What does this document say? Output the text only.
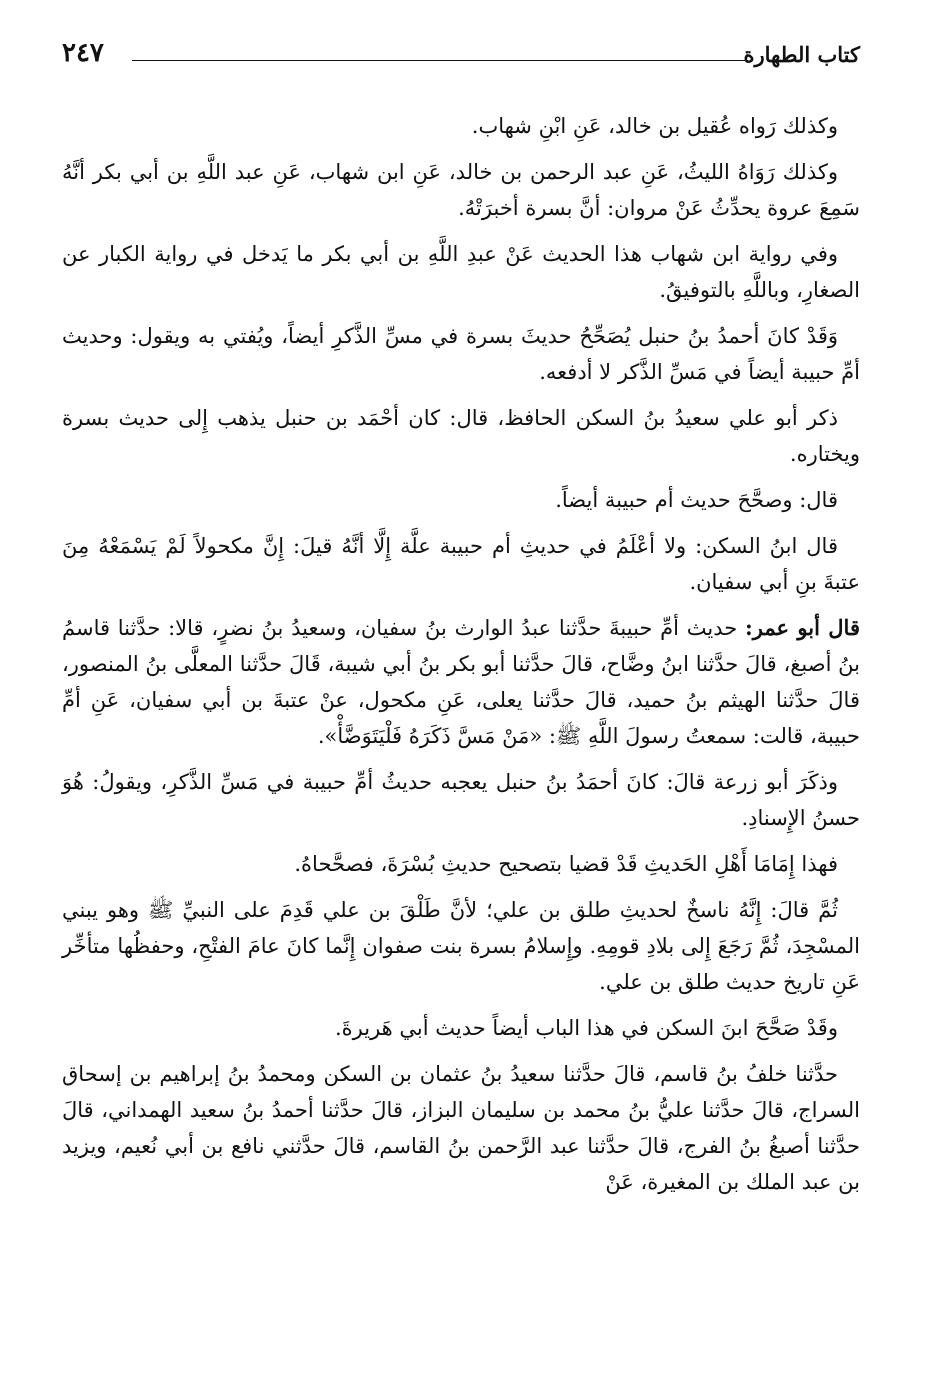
كتاب الطهارة
٢٤٧

وكذلك رَواه عُقيل بن خالد، عَنِ ابْنِ شهاب.

وكذلك رَوَاهُ الليثُ، عَنِ عبد الرحمن بن خالد، عَنِ ابن شهاب، عَنِ عبد اللَّهِ بن أبي بكر أنَّهُ سَمِعَ عروة يحدِّثُ عَنْ مروان: أنَّ بسرة أخبرَتْهُ.

وفي رواية ابن شهاب هذا الحديث عَنْ عبدِ اللَّهِ بن أبي بكر ما يَدخل في رواية الكبار عن الصغارِ، وباللَّهِ بالتوفيقُ.

وَقَدْ كانَ أحمدُ بنُ حنبل يُصَحِّحُ حديثَ بسرة في مسِّ الذَّكرِ أيضاً، ويُفتي به ويقول: وحديث أمِّ حبيبة أيضاً في مَسِّ الذَّكر لا أدفعه.

ذكر أبو علي سعيدُ بنُ السكن الحافظ، قال: كان أحْمَد بن حنبل يذهب إِلى حديث بسرة ويختاره.

قال: وصحَّحَ حديث أم حبيبة أيضاً.

قال ابنُ السكن: ولا أعْلَمُ في حديثِ أم حبيبة علَّة إِلَّا أنَّهُ قيلَ: إِنَّ مكحولاً لَمْ يَسْمَعْهُ مِنَ عتبةَ بنِ أبي سفيان.

قال أبو عمر: حديث أمِّ حبيبةَ حدَّثنا عبدُ الوارث بنُ سفيان، وسعيدُ بنُ نضرٍ، قالا: حدَّثنا قاسمُ بنُ أصبغ، قالَ حدَّثنا ابنُ وضَّاح، قالَ حدَّثنا أبو بكر بنُ أبي شيبة، قَالَ حدَّثنا المعلَّى بنُ المنصور، قالَ حدَّثنا الهيثم بنُ حميد، قالَ حدَّثنا يعلى، عَنِ مكحول، عنْ عتبةَ بن أبي سفيان، عَنِ أمِّ حبيبة، قالت: سمعتُ رسولَ اللَّهِ ﷺ: «مَنْ مَسَّ ذَكَرَهُ فَلْيَتَوَضَّأْ».

وذكَرَ أبو زرعة قالَ: كانَ أحمَدُ بنُ حنبل يعجبه حديثُ أمِّ حبيبة في مَسِّ الذَّكرِ، ويقولُ: هُوَ حسنُ الإِسنادِ.

فهذا إِمَامَا أَهْلِ الحَديثِ قَدْ قضيا بتصحيح حديثِ بُسْرَةَ، فصحَّحاهُ.

ثُمَّ قالَ: إِنَّهُ ناسخٌ لحديثِ طلق بن علي؛ لأنَّ طَلْقَ بن علي قَدِمَ على النبيِّ ﷺ وهو يبني المسْجِدَ، ثُمَّ رَجَعَ إِلى بلادِ قومِهِ. وإِسلامُ بسرة بنت صفوان إِنَّما كانَ عامَ الفتْحِ، وحفظُها متأخِّر عَنِ تاريخ حديث طلق بن علي.

وقَدْ صَحَّحَ ابنَ السكن في هذا الباب أيضاً حديث أبي هَريرةَ.

حدَّثنا خلفُ بنُ قاسم، قالَ حدَّثنا سعيدُ بنُ عثمان بن السكن ومحمدُ بنُ إبراهيم بن إسحاق السراج، قالَ حدَّثنا عليُّ بنُ محمد بن سليمان البزاز، قالَ حدَّثنا أحمدُ بنُ سعيد الهمداني، قالَ حدَّثنا أصبغُ بنُ الفرج، قالَ حدَّثنا عبد الرَّحمن بنُ القاسم، قالَ حدَّثني نافع بن أبي نُعيم، ويزيد بن عبد الملك بن المغيرة، عَنْ
